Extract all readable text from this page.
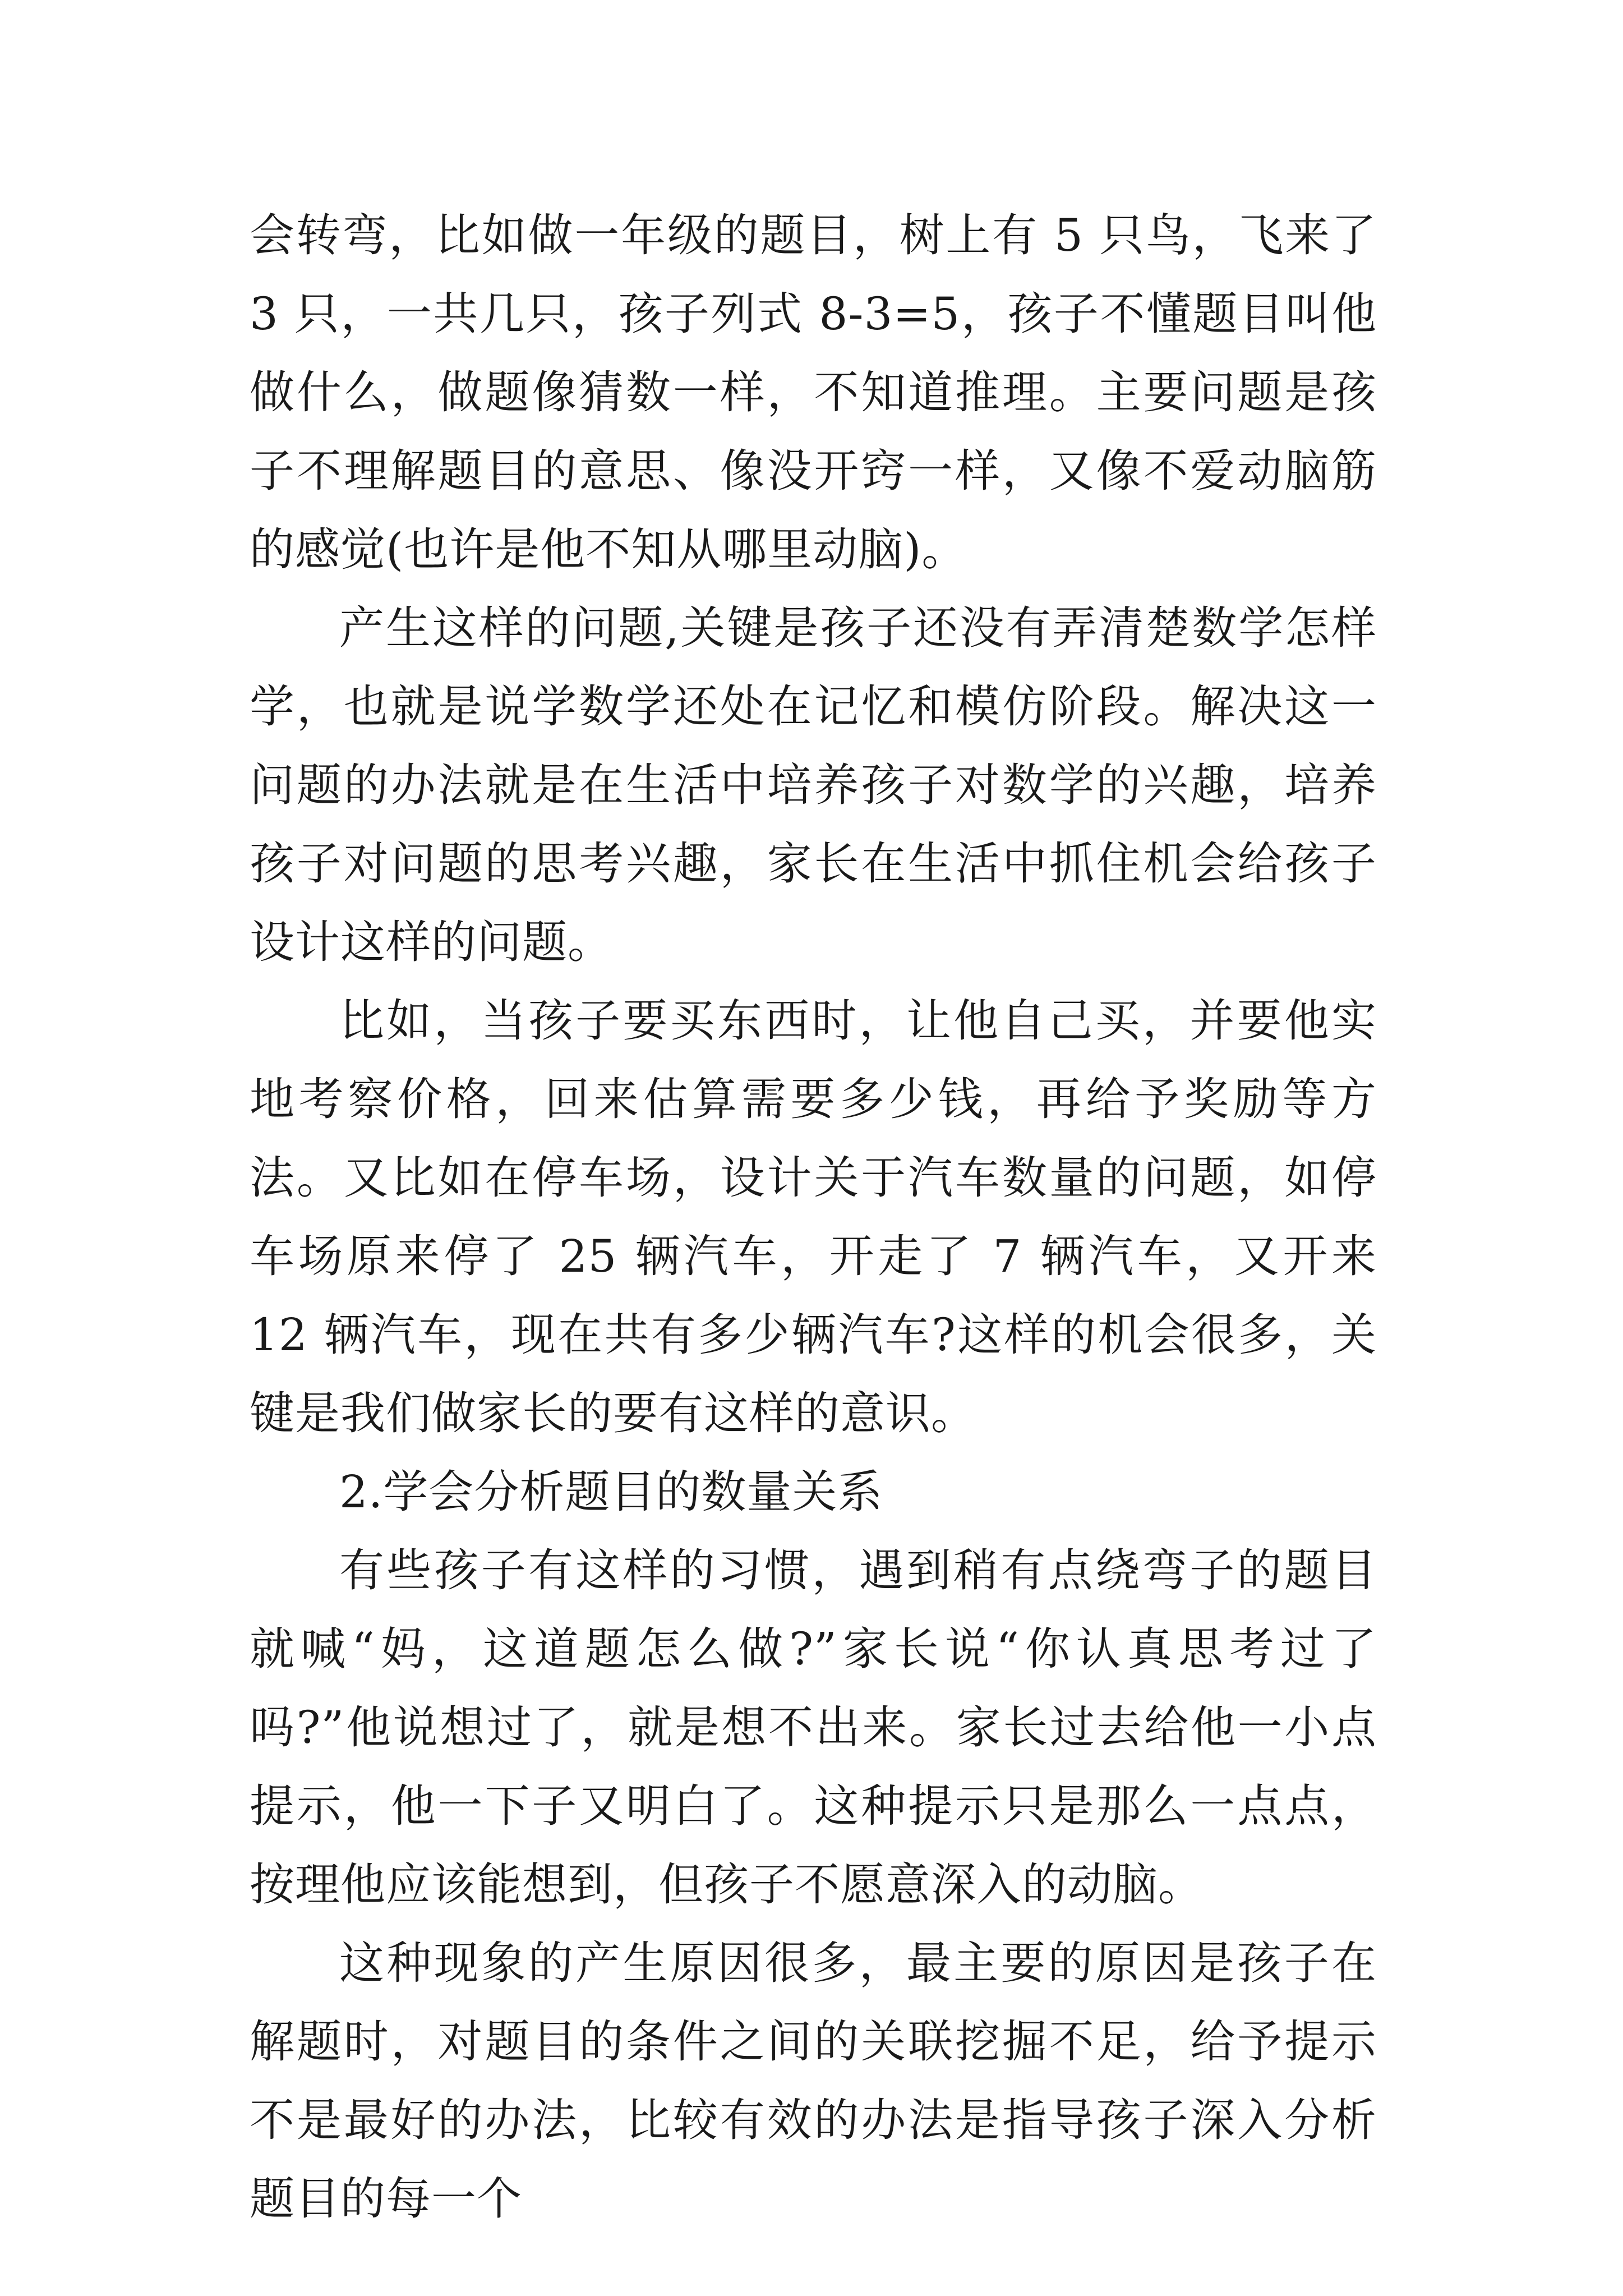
会转弯，比如做一年级的题目，树上有 5 只鸟，飞来了 3 只，一共几只，孩子列式 8-3=5，孩子不懂题目叫他做什么，做题像猜数一样，不知道推理。主要问题是孩子不理解题目的意思、像没开窍一样，又像不爱动脑筋的感觉(也许是他不知从哪里动脑)。

产生这样的问题,关键是孩子还没有弄清楚数学怎样学，也就是说学数学还处在记忆和模仿阶段。解决这一问题的办法就是在生活中培养孩子对数学的兴趣，培养孩子对问题的思考兴趣，家长在生活中抓住机会给孩子设计这样的问题。

比如，当孩子要买东西时，让他自己买，并要他实地考察价格，回来估算需要多少钱，再给予奖励等方法。又比如在停车场，设计关于汽车数量的问题，如停车场原来停了 25 辆汽车，开走了 7 辆汽车，又开来 12 辆汽车，现在共有多少辆汽车?这样的机会很多，关键是我们做家长的要有这样的意识。

2.学会分析题目的数量关系

有些孩子有这样的习惯，遇到稍有点绕弯子的题目就喊“妈，这道题怎么做?”家长说“你认真思考过了吗?”他说想过了，就是想不出来。家长过去给他一小点提示，他一下子又明白了。这种提示只是那么一点点，按理他应该能想到，但孩子不愿意深入的动脑。

这种现象的产生原因很多，最主要的原因是孩子在解题时，对题目的条件之间的关联挖掘不足，给予提示不是最好的办法，比较有效的办法是指导孩子深入分析题目的每一个
